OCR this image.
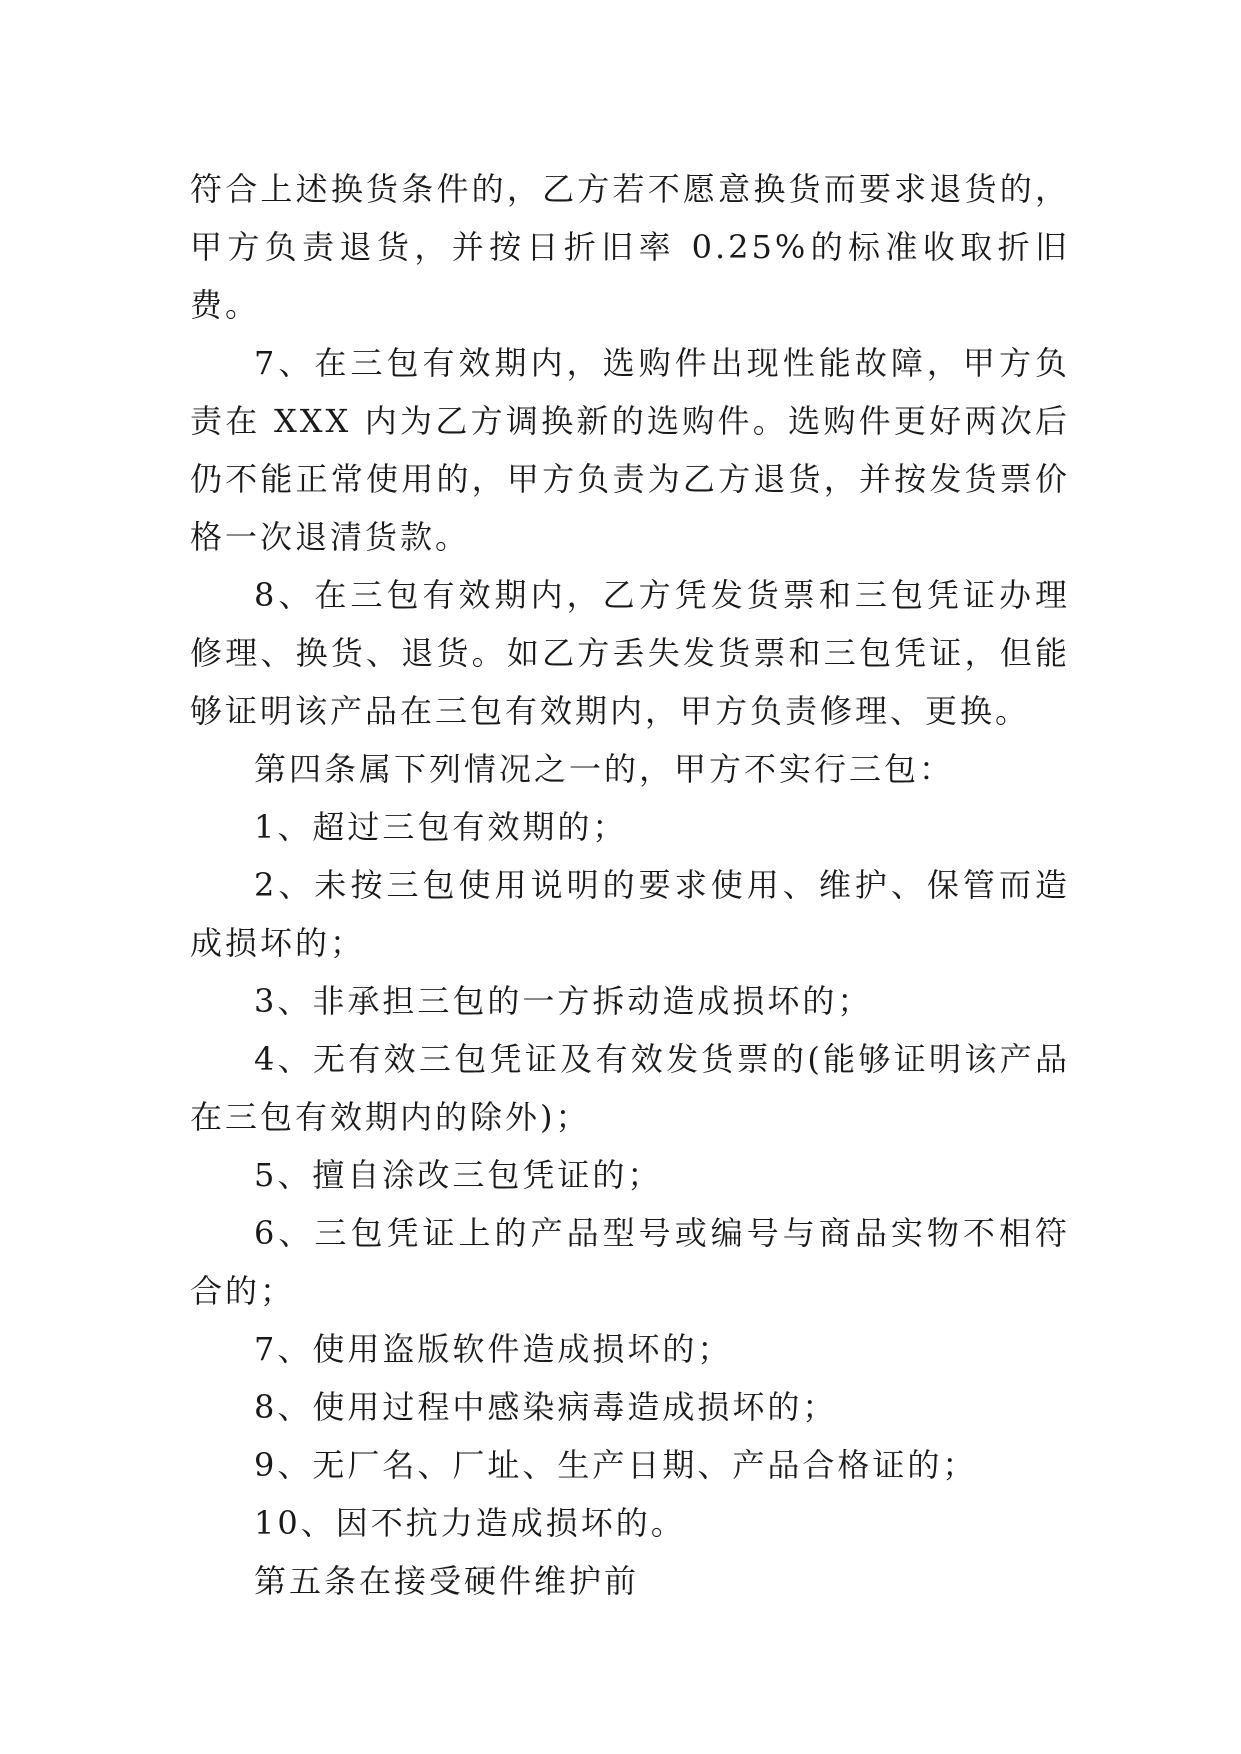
符合上述换货条件的，乙方若不愿意换货而要求退货的，甲方负责退货，并按日折旧率 0.25%的标准收取折旧费。

7、在三包有效期内，选购件出现性能故障，甲方负责在 XXX 内为乙方调换新的选购件。选购件更好两次后仍不能正常使用的，甲方负责为乙方退货，并按发货票价格一次退清货款。

8、在三包有效期内，乙方凭发货票和三包凭证办理修理、换货、退货。如乙方丢失发货票和三包凭证，但能够证明该产品在三包有效期内，甲方负责修理、更换。

第四条属下列情况之一的，甲方不实行三包：

1、超过三包有效期的；

2、未按三包使用说明的要求使用、维护、保管而造成损坏的；

3、非承担三包的一方拆动造成损坏的；

4、无有效三包凭证及有效发货票的(能够证明该产品在三包有效期内的除外)；

5、擅自涂改三包凭证的；

6、三包凭证上的产品型号或编号与商品实物不相符合的；

7、使用盗版软件造成损坏的；

8、使用过程中感染病毒造成损坏的；

9、无厂名、厂址、生产日期、产品合格证的；

10、因不抗力造成损坏的。

第五条在接受硬件维护前
